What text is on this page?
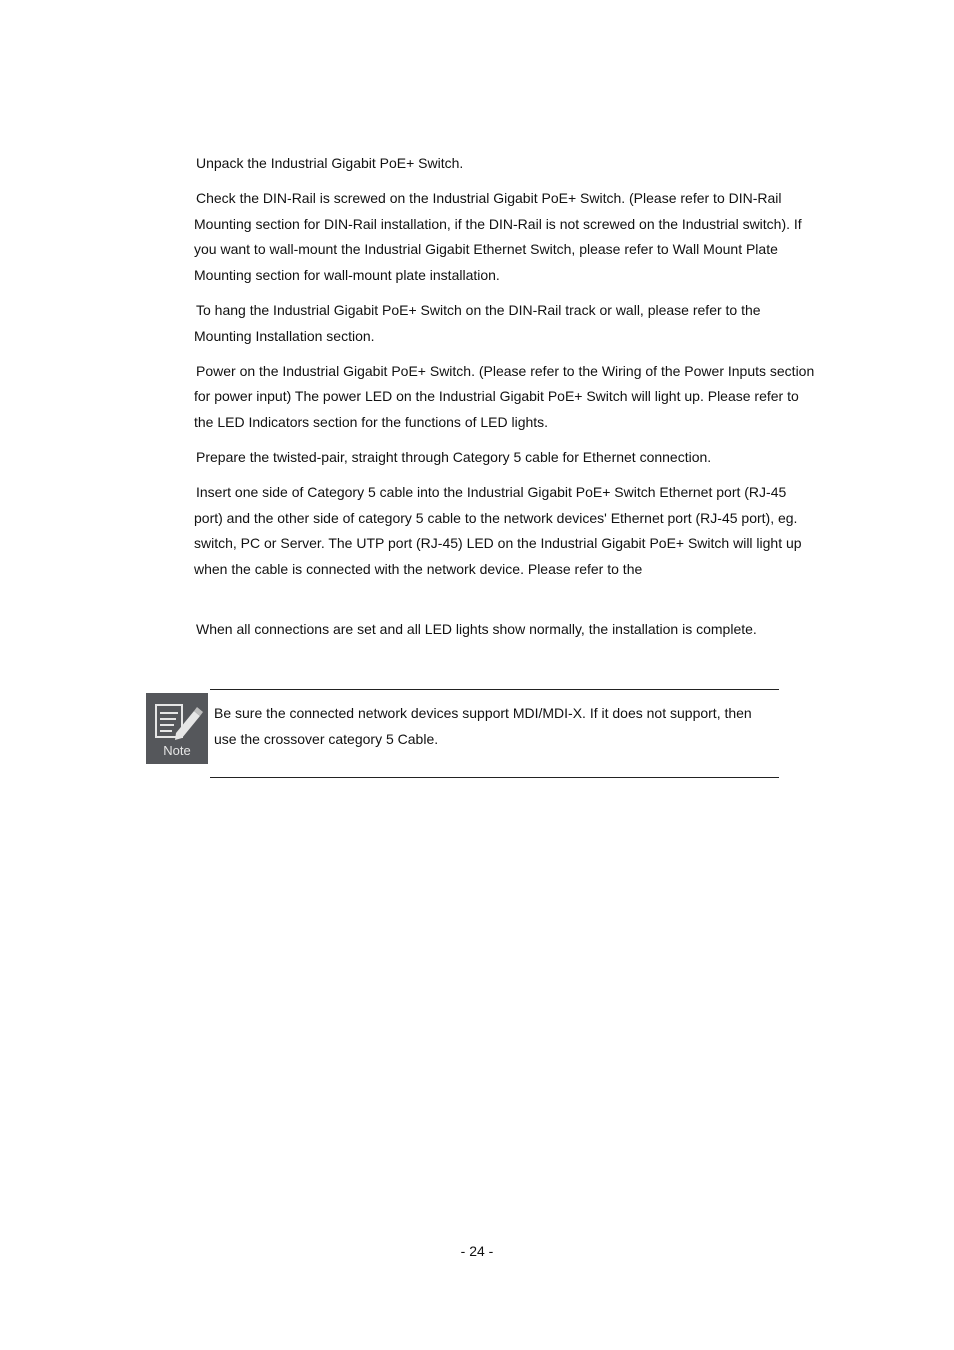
Unpack the Industrial Gigabit PoE+ Switch.
Check the DIN-Rail is screwed on the Industrial Gigabit PoE+ Switch. (Please refer to DIN-Rail Mounting section for DIN-Rail installation, if the DIN-Rail is not screwed on the Industrial switch). If you want to wall-mount the Industrial Gigabit Ethernet Switch, please refer to Wall Mount Plate Mounting section for wall-mount plate installation.
To hang the Industrial Gigabit PoE+ Switch on the DIN-Rail track or wall, please refer to the Mounting Installation section.
Power on the Industrial Gigabit PoE+ Switch. (Please refer to the Wiring of the Power Inputs section for power input) The power LED on the Industrial Gigabit PoE+ Switch will light up. Please refer to the LED Indicators section for the functions of LED lights.
Prepare the twisted-pair, straight through Category 5 cable for Ethernet connection.
Insert one side of Category 5 cable into the Industrial Gigabit PoE+ Switch Ethernet port (RJ-45 port) and the other side of category 5 cable to the network devices' Ethernet port (RJ-45 port), eg. switch, PC or Server. The UTP port (RJ-45) LED on the Industrial Gigabit PoE+ Switch will light up when the cable is connected with the network device. Please refer to the
When all connections are set and all LED lights show normally, the installation is complete.
Note

Be sure the connected network devices support MDI/MDI-X. If it does not support, then use the crossover category 5 Cable.

- 24 -
